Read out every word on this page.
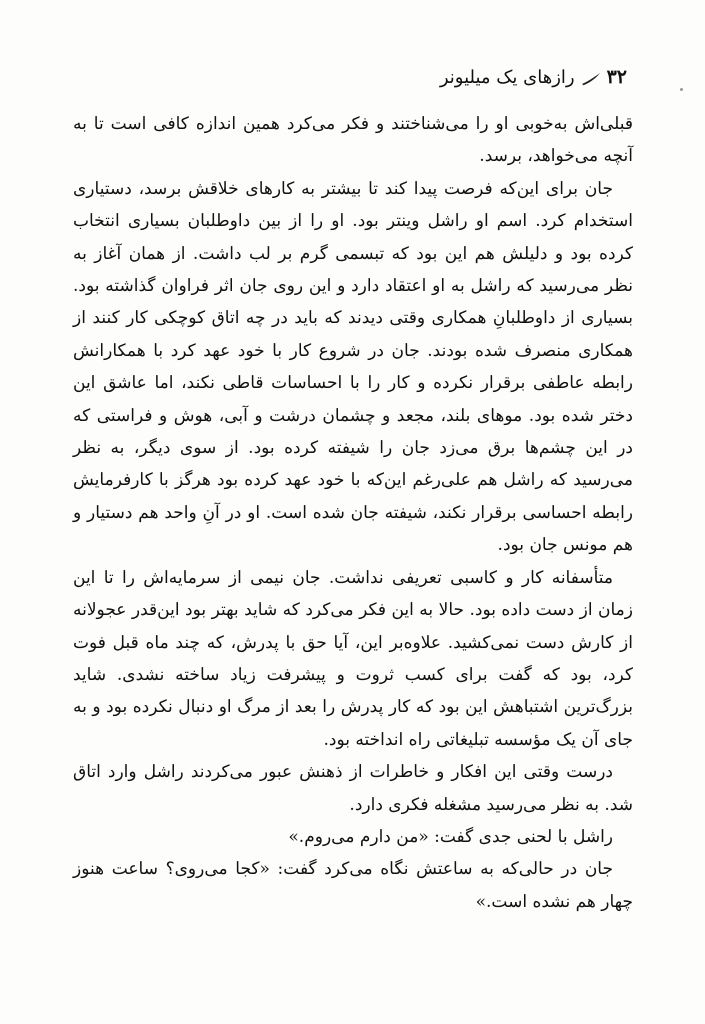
۳۲
رازهای یک میلیونر

قبلی‌اش به‌خوبی او را می‌شناختند و فکر می‌کرد همین اندازه کافی است تا به آنچه می‌خواهد، برسد.

جان برای این‌که فرصت پیدا کند تا بیشتر به کارهای خلاقش برسد، دستیاری استخدام کرد. اسم او راشل وینتر بود. او را از بین داوطلبان بسیاری انتخاب کرده بود و دلیلش هم این بود که تبسمی گرم بر لب داشت. از همان آغاز به نظر می‌رسید که راشل به او اعتقاد دارد و این روی جان اثر فراوان گذاشته بود. بسیاری از داوطلبانِ همکاری وقتی دیدند که باید در چه اتاق کوچکی کار کنند از همکاری منصرف شده بودند. جان در شروع کار با خود عهد کرد با همکارانش رابطه عاطفی برقرار نکرده و کار را با احساسات قاطی نکند، اما عاشق این دختر شده بود. موهای بلند، مجعد و چشمان درشت و آبی، هوش و فراستی که در این چشم‌ها برق می‌زد جان را شیفته کرده بود. از سوی دیگر، به نظر می‌رسید که راشل هم علی‌رغم این‌که با خود عهد کرده بود هرگز با کارفرمایش رابطه احساسی برقرار نکند، شیفته جان شده است. او در آنِ واحد هم دستیار و هم مونس جان بود.

متأسفانه کار و کاسبی تعریفی نداشت. جان نیمی از سرمایه‌اش را تا این زمان از دست داده بود. حالا به این فکر می‌کرد که شاید بهتر بود این‌قدر عجولانه از کارش دست نمی‌کشید. علاوه‌بر این، آیا حق با پدرش، که چند ماه قبل فوت کرد، بود که گفت برای کسب ثروت و پیشرفت زیاد ساخته نشدی. شاید بزرگ‌ترین اشتباهش این بود که کار پدرش را بعد از مرگ او دنبال نکرده بود و به جای آن یک مؤسسه تبلیغاتی راه انداخته بود.

درست وقتی این افکار و خاطرات از ذهنش عبور می‌کردند راشل وارد اتاق شد. به نظر می‌رسید مشغله فکری دارد.

راشل با لحنی جدی گفت: «من دارم می‌روم.»

جان در حالی‌که به ساعتش نگاه می‌کرد گفت: «کجا می‌روی؟ ساعت هنوز چهار هم نشده است.»
